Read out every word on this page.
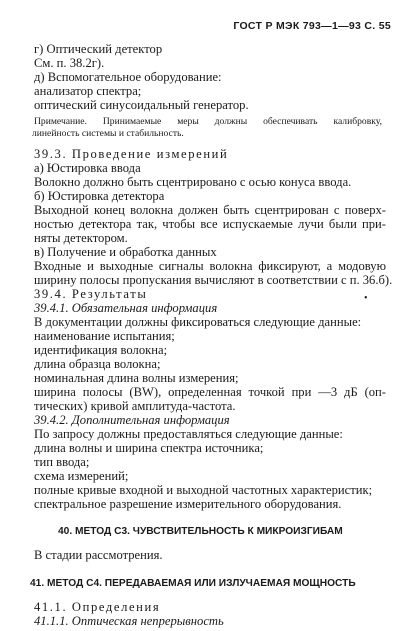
ГОСТ Р МЭК 793—1—93 С. 55
г) Оптический детектор
См. п. 38.2г).
д) Вспомогательное оборудование:
анализатор спектра;
оптический синусоидальный генератор.
Примечание. Принимаемые меры должны обеспечивать калибровку,
линейность системы и стабильность.
39.3. Проведение измерений
а) Юстировка ввода
Волокно должно быть сцентрировано с осью конуса ввода.
б) Юстировка детектора
Выходной конец волокна должен быть сцентрирован с поверх-
ностью детектора так, чтобы все испускаемые лучи были при-
няты детектором.
в) Получение и обработка данных
Входные и выходные сигналы волокна фиксируют, а модовую
ширину полосы пропускания вычисляют в соответствии с п. 36.б).
39.4. Результаты
39.4.1. Обязательная информация
В документации должны фиксироваться следующие данные:
наименование испытания;
идентификация волокна;
длина образца волокна;
номинальная длина волны измерения;
ширина полосы (BW), определенная точкой при —3 дБ (оп-
тических) кривой амплитуда-частота.
39.4.2. Дополнительная информация
По запросу должны предоставляться следующие данные:
длина волны и ширина спектра источника;
тип ввода;
схема измерений;
полные кривые входной и выходной частотных характеристик;
спектральное разрешение измерительного оборудования.
40. МЕТОД С3. ЧУВСТВИТЕЛЬНОСТЬ К МИКРОИЗГИБАМ
В стадии рассмотрения.
41. МЕТОД С4. ПЕРЕДАВАЕМАЯ ИЛИ ИЗЛУЧАЕМАЯ МОЩНОСТЬ
41.1. Определения
41.1.1. Оптическая непрерывность
•
